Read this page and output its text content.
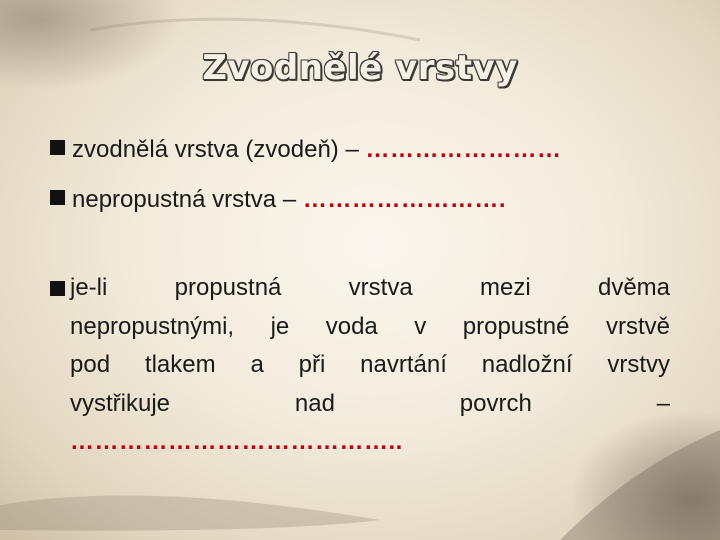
Zvodnělé vrstvy
zvodnělá vrstva (zvodeň) – ……………………
nepropustná vrstva – …………………….
je-li propustná vrstva mezi dvěma
nepropustnými, je voda v propustné vrstvě
pod tlakem a při navrtání nadložní vrstvy
vystřikuje nad povrch –
…………………………………..
